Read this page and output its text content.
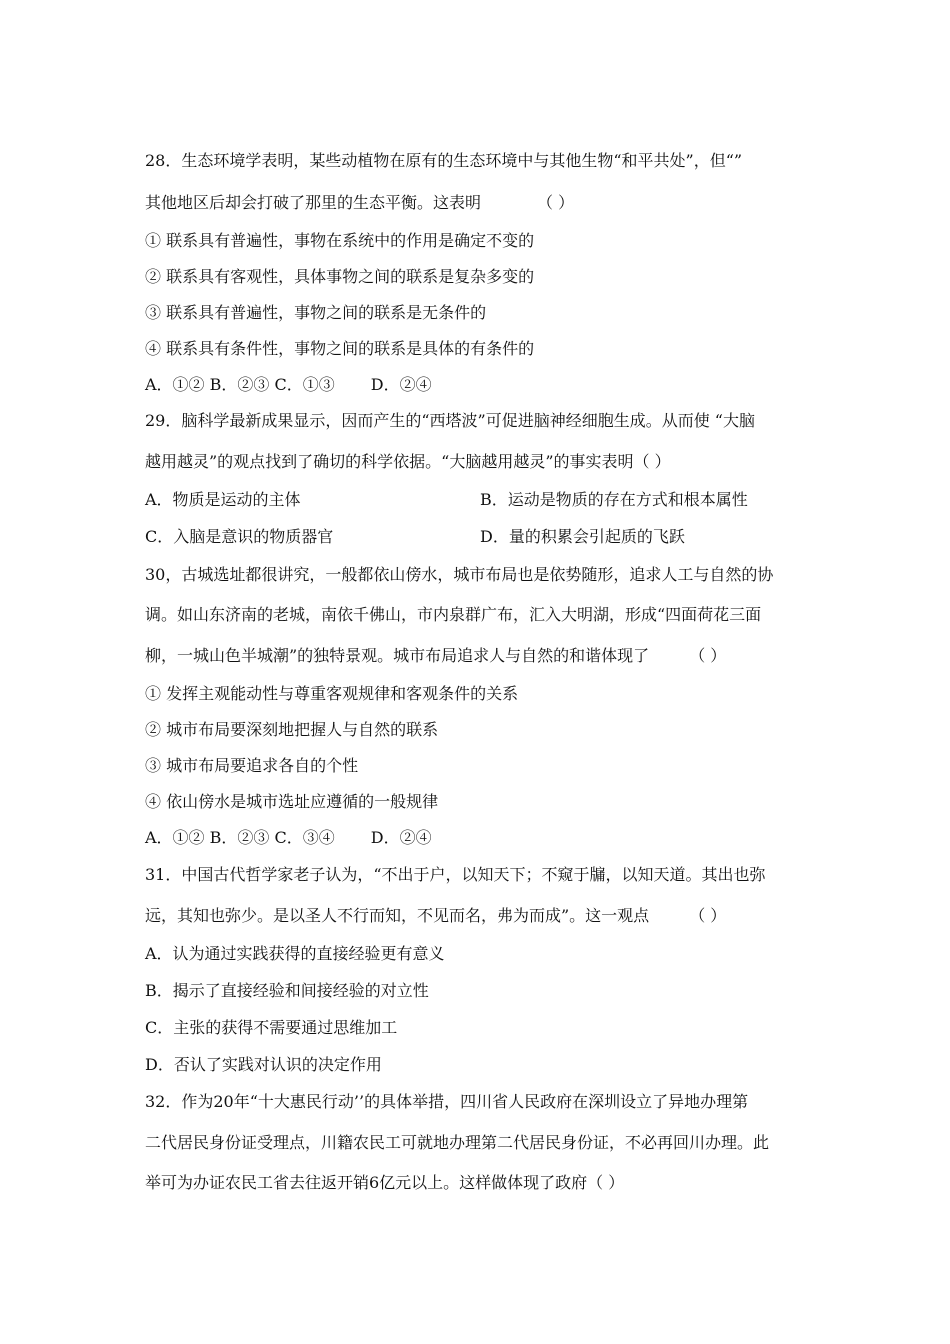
28．生态环境学表明，某些动植物在原有的生态环境中与其他生物“和平共处”，但“”
其他地区后却会打破了那里的生态平衡。这表明	（ ）
① 联系具有普遍性，事物在系统中的作用是确定不变的
② 联系具有客观性，具体事物之间的联系是复杂多变的
③ 联系具有普遍性，事物之间的联系是无条件的
④ 联系具有条件性，事物之间的联系是具体的有条件的
A．①② B．②③ C．①③ D．②④
29．脑科学最新成果显示，因而产生的“西塔波”可促进脑神经细胞生成。从而使 “大脑
越用越灵”的观点找到了确切的科学依据。“大脑越用越灵”的事实表明（ ）
A．物质是运动的主体	B．运动是物质的存在方式和根本属性
C．入脑是意识的物质器官	D．量的积累会引起质的飞跃
30，古城选址都很讲究，一般都依山傍水，城市布局也是依势随形，追求人工与自然的协
调。如山东济南的老城，南依千佛山，市内泉群广布，汇入大明湖，形成“四面荷花三面
柳，一城山色半城潮”的独特景观。城市布局追求人与自然的和谐体现了	（ ）
① 发挥主观能动性与尊重客观规律和客观条件的关系
② 城市布局要深刻地把握人与自然的联系
③ 城市布局要追求各自的个性
④ 依山傍水是城市选址应遵循的一般规律
A．①② B．②③ C．③④ D．②④
31．中国古代哲学家老子认为，“不出于户，以知天下；不窥于牖，以知天道。其出也弥
远，其知也弥少。是以圣人不行而知，不见而名，弗为而成”。这一观点	（ ）
A．认为通过实践获得的直接经验更有意义
B．揭示了直接经验和间接经验的对立性
C．主张的获得不需要通过思维加工
D．否认了实践对认识的决定作用
32．作为20年“十大惠民行动’’的具体举措，四川省人民政府在深圳设立了异地办理第
二代居民身份证受理点，川籍农民工可就地办理第二代居民身份证，不必再回川办理。此
举可为办证农民工省去往返开销6亿元以上。这样做体现了政府（ ）
